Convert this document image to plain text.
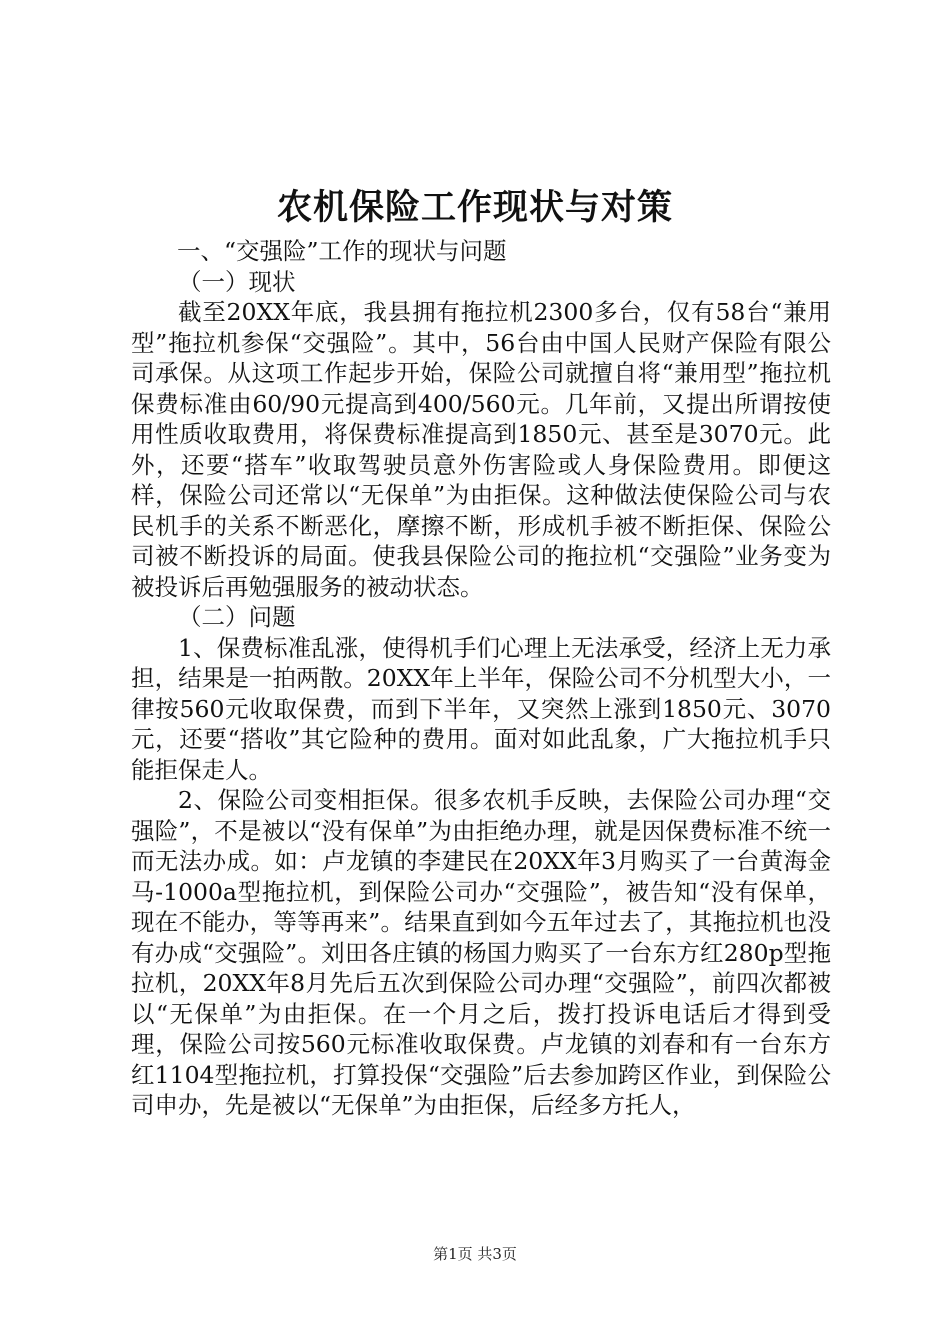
农机保险工作现状与对策

一、“交强险”工作的现状与问题

（一）现状

截至20XX年底，我县拥有拖拉机2300多台，仅有58台“兼用型”拖拉机参保“交强险”。其中，56台由中国人民财产保险有限公司承保。从这项工作起步开始，保险公司就擅自将“兼用型”拖拉机保费标准由60/90元提高到400/560元。几年前，又提出所谓按使用性质收取费用，将保费标准提高到1850元、甚至是3070元。此外，还要“搭车”收取驾驶员意外伤害险或人身保险费用。即便这样，保险公司还常以“无保单”为由拒保。这种做法使保险公司与农民机手的关系不断恶化，摩擦不断，形成机手被不断拒保、保险公司被不断投诉的局面。使我县保险公司的拖拉机“交强险”业务变为被投诉后再勉强服务的被动状态。

（二）问题

1、保费标准乱涨，使得机手们心理上无法承受，经济上无力承担，结果是一拍两散。20XX年上半年，保险公司不分机型大小，一律按560元收取保费，而到下半年，又突然上涨到1850元、3070元，还要“搭收”其它险种的费用。面对如此乱象，广大拖拉机手只能拒保走人。

2、保险公司变相拒保。很多农机手反映，去保险公司办理“交强险”，不是被以“没有保单”为由拒绝办理，就是因保费标准不统一而无法办成。如：卢龙镇的李建民在20XX年3月购买了一台黄海金马-1000a型拖拉机，到保险公司办“交强险”，被告知“没有保单，现在不能办，等等再来”。结果直到如今五年过去了，其拖拉机也没有办成“交强险”。刘田各庄镇的杨国力购买了一台东方红280p型拖拉机，20XX年8月先后五次到保险公司办理“交强险”，前四次都被以“无保单”为由拒保。在一个月之后，拨打投诉电话后才得到受理，保险公司按560元标准收取保费。卢龙镇的刘春和有一台东方红1104型拖拉机，打算投保“交强险”后去参加跨区作业，到保险公司申办，先是被以“无保单”为由拒保，后经多方托人，

第1页 共3页
